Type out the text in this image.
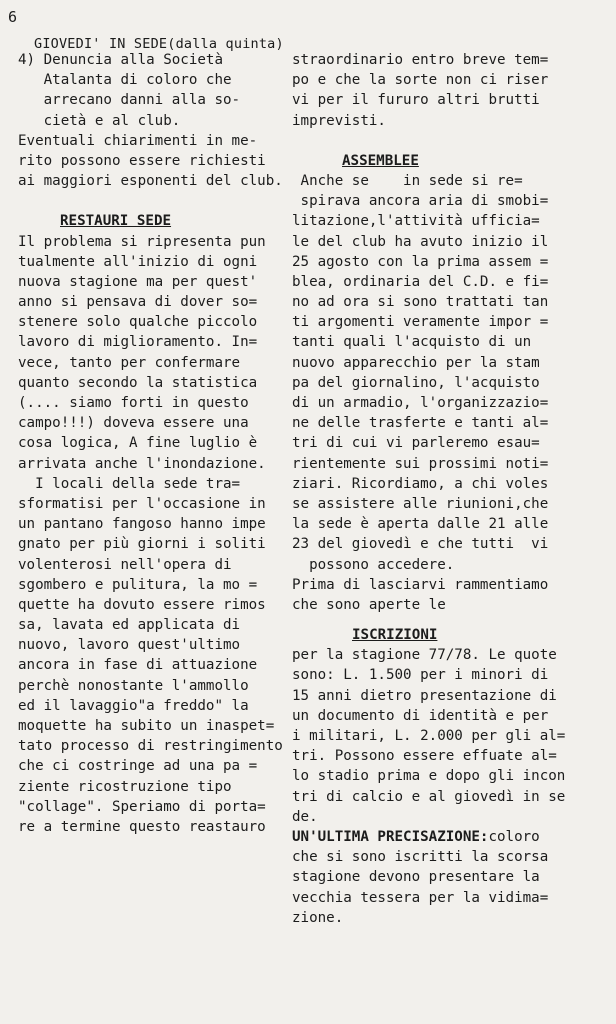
6
GIOVEDI' IN SEDE(dalla quinta)
4) Denuncia alla Società
Atalanta di coloro che
arrecano danni alla so-
cietà e al club.
Eventuali chiarimenti in me-
rito possono essere richiesti
ai maggiori esponenti del club.
RESTAURI SEDE
Il problema si ripresenta pun
tualmente all'inizio di ogni
nuova stagione ma per quest'
anno si pensava di dover so=
stenere solo qualche piccolo
lavoro di miglioramento. In=
vece, tanto per confermare
quanto secondo la statistica
(.... siamo forti in questo
campo!!!) doveva essere una
cosa logica, A fine luglio è
arrivata anche l'inondazione.
I locali della sede tra=
sformatisi per l'occasione in
un pantano fangoso hanno impe
gnato per più giorni i soliti
volenterosi nell'opera di
sgombero e pulitura, la mo =
quette ha dovuto essere rimos
sa, lavata ed applicata di
nuovo, lavoro quest'ultimo
ancora in fase di attuazione
perchè nonostante l'ammollo
ed il lavaggio"a freddo" la
moquette ha subito un inaspet=
tato processo di restringimento
che ci costringe ad una pa =
ziente ricostruzione tipo
"collage". Speriamo di porta=
re a termine questo reastauro
straordinario entro breve tem=
po e che la sorte non ci riser
vi per il fururo altri brutti
imprevisti.
ASSEMBLEE
Anche se    in sede si re=
spirava ancora aria di smobi=
litazione,l'attività ufficia=
le del club ha avuto inizio il
25 agosto con la prima assem =
blea, ordinaria del C.D. e fi=
no ad ora si sono trattati tan
ti argomenti veramente impor =
tanti quali l'acquisto di un
nuovo apparecchio per la stam
pa del giornalino, l'acquisto
di un armadio, l'organizzazio=
ne delle trasferte e tanti al=
tri di cui vi parleremo esau=
rientemente sui prossimi noti=
ziari. Ricordiamo, a chi voles
se assistere alle riunioni,che
la sede è aperta dalle 21 alle
23 del giovedì e che tutti  vi
possono accedere.
Prima di lasciarvi rammentiamo
che sono aperte le
ISCRIZIONI
per la stagione 77/78. Le quote
sono: L. 1.500 per i minori di
15 anni dietro presentazione di
un documento di identità e per
i militari, L. 2.000 per gli al=
tri. Possono essere effuate al=
lo stadio prima e dopo gli incon
tri di calcio e al giovedì in se
de.
UN'ULTIMA PRECISAZIONE:coloro
che si sono iscritti la scorsa
stagione devono presentare la
vecchia tessera per la vidima=
zione.
